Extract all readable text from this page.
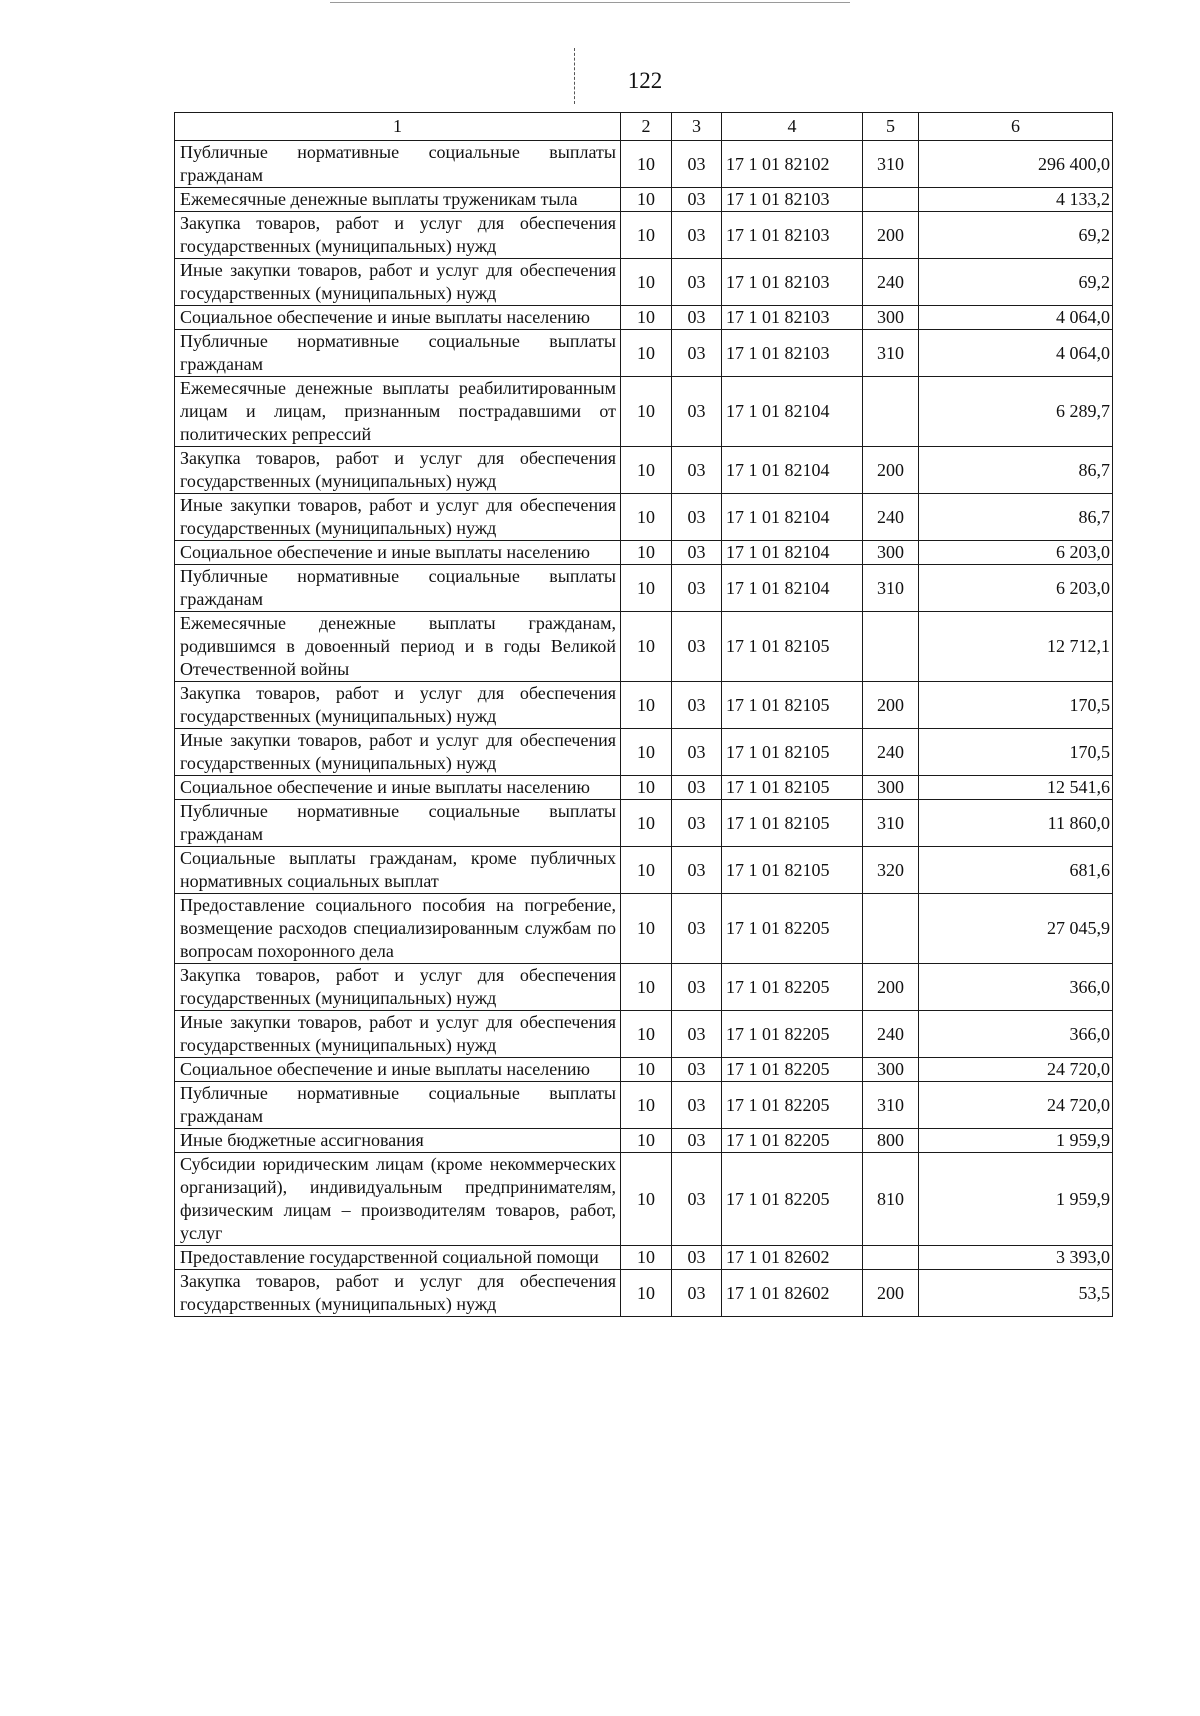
122
1	2	3	4	5	6
Публичные нормативные социальные выплаты гражданам	10	03	17 1 01 82102	310	296 400,0
Ежемесячные денежные выплаты труженикам тыла	10	03	17 1 01 82103		4 133,2
Закупка товаров, работ и услуг для обеспечения государственных (муниципальных) нужд	10	03	17 1 01 82103	200	69,2
Иные закупки товаров, работ и услуг для обеспечения государственных (муниципальных) нужд	10	03	17 1 01 82103	240	69,2
Социальное обеспечение и иные выплаты населению	10	03	17 1 01 82103	300	4 064,0
Публичные нормативные социальные выплаты гражданам	10	03	17 1 01 82103	310	4 064,0
Ежемесячные денежные выплаты реабилитированным лицам и лицам, признанным пострадавшими от политических репрессий	10	03	17 1 01 82104		6 289,7
Закупка товаров, работ и услуг для обеспечения государственных (муниципальных) нужд	10	03	17 1 01 82104	200	86,7
Иные закупки товаров, работ и услуг для обеспечения государственных (муниципальных) нужд	10	03	17 1 01 82104	240	86,7
Социальное обеспечение и иные выплаты населению	10	03	17 1 01 82104	300	6 203,0
Публичные нормативные социальные выплаты гражданам	10	03	17 1 01 82104	310	6 203,0
Ежемесячные денежные выплаты гражданам, родившимся в довоенный период и в годы Великой Отечественной войны	10	03	17 1 01 82105		12 712,1
Закупка товаров, работ и услуг для обеспечения государственных (муниципальных) нужд	10	03	17 1 01 82105	200	170,5
Иные закупки товаров, работ и услуг для обеспечения государственных (муниципальных) нужд	10	03	17 1 01 82105	240	170,5
Социальное обеспечение и иные выплаты населению	10	03	17 1 01 82105	300	12 541,6
Публичные нормативные социальные выплаты гражданам	10	03	17 1 01 82105	310	11 860,0
Социальные выплаты гражданам, кроме публичных нормативных социальных выплат	10	03	17 1 01 82105	320	681,6
Предоставление социального пособия на погребение, возмещение расходов специализированным службам по вопросам похоронного дела	10	03	17 1 01 82205		27 045,9
Закупка товаров, работ и услуг для обеспечения государственных (муниципальных) нужд	10	03	17 1 01 82205	200	366,0
Иные закупки товаров, работ и услуг для обеспечения государственных (муниципальных) нужд	10	03	17 1 01 82205	240	366,0
Социальное обеспечение и иные выплаты населению	10	03	17 1 01 82205	300	24 720,0
Публичные нормативные социальные выплаты гражданам	10	03	17 1 01 82205	310	24 720,0
Иные бюджетные ассигнования	10	03	17 1 01 82205	800	1 959,9
Субсидии юридическим лицам (кроме некоммерческих организаций), индивидуальным предпринимателям, физическим лицам – производителям товаров, работ, услуг	10	03	17 1 01 82205	810	1 959,9
Предоставление государственной социальной помощи	10	03	17 1 01 82602		3 393,0
Закупка товаров, работ и услуг для обеспечения государственных (муниципальных) нужд	10	03	17 1 01 82602	200	53,5
